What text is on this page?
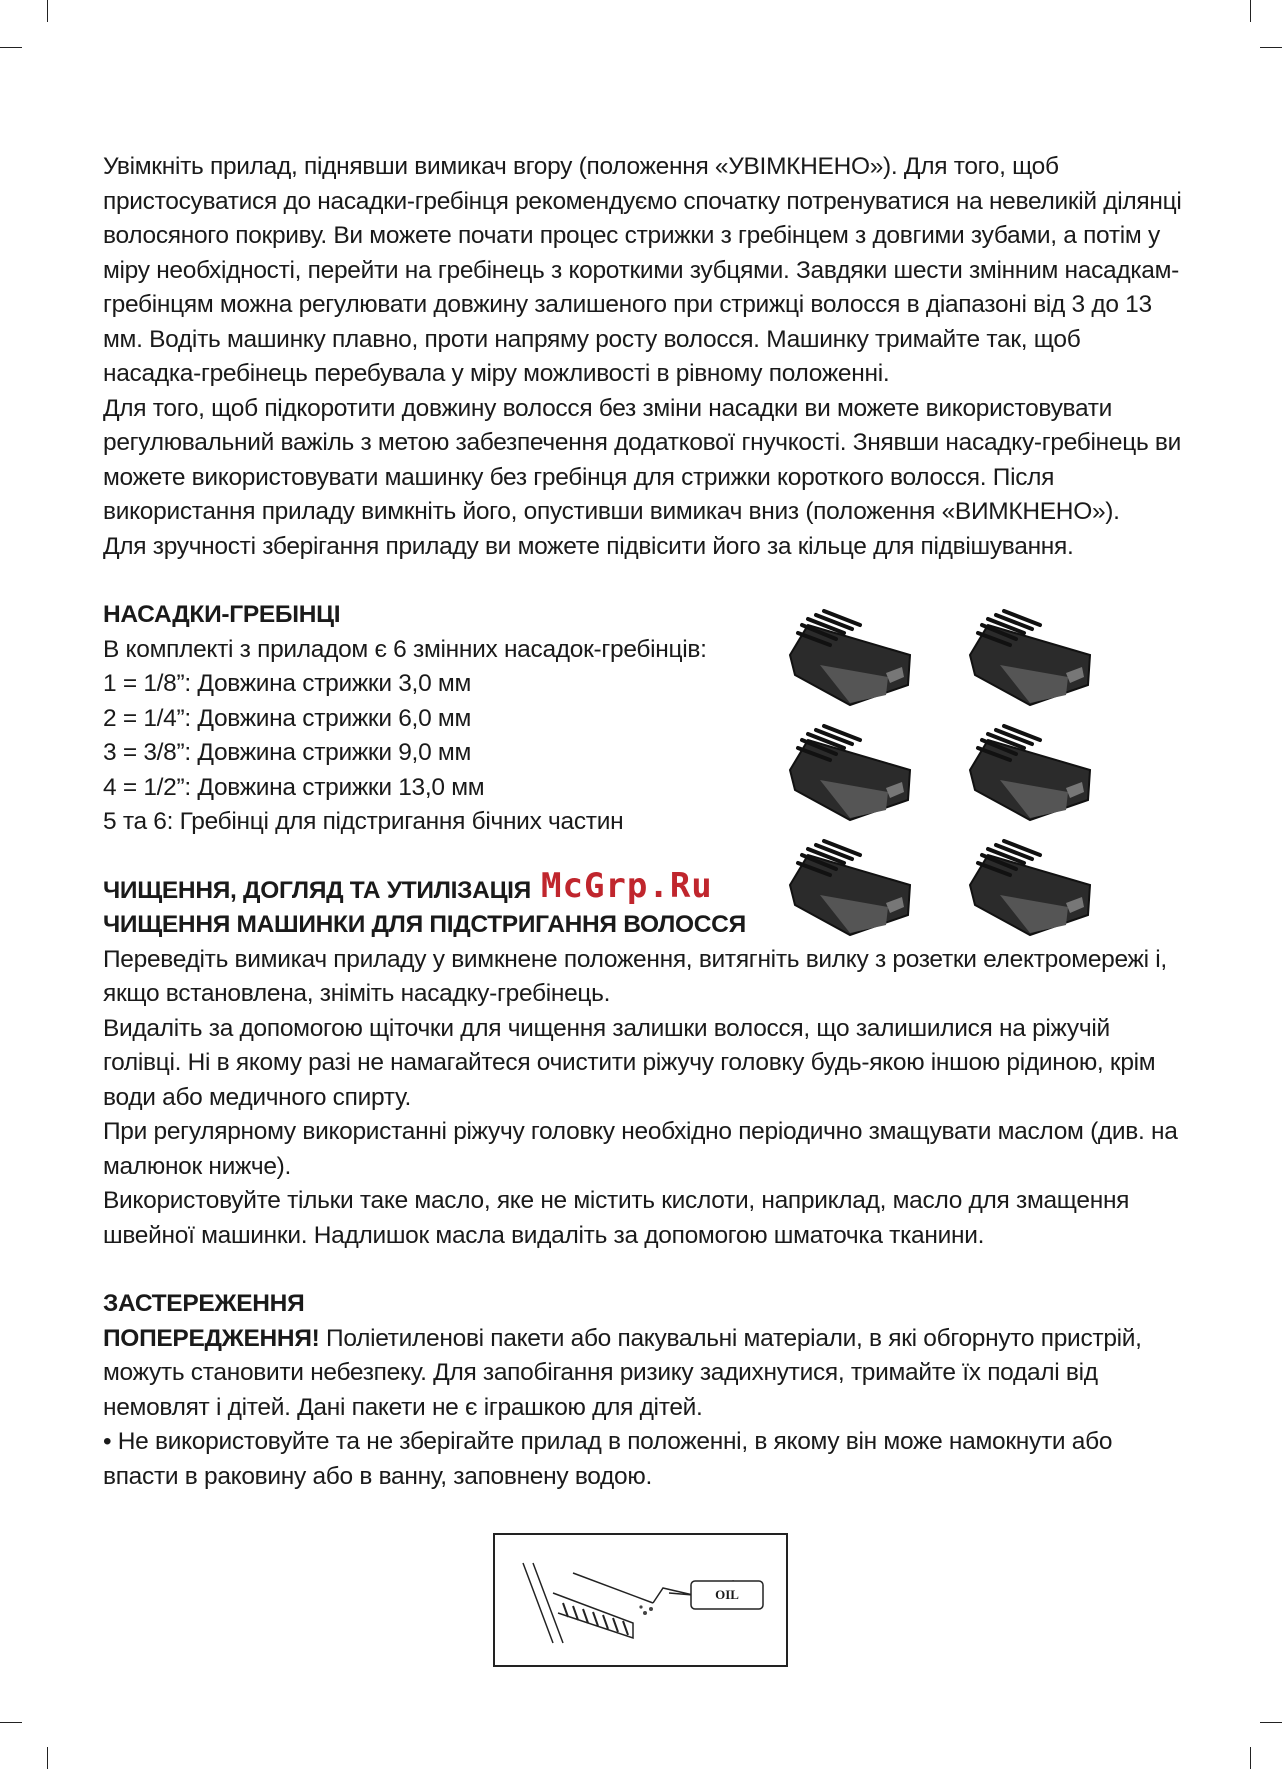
Увімкніть прилад, піднявши вимикач вгору (положення «УВІМКНЕНО»). Для того, щоб пристосуватися до насадки-гребінця рекомендуємо спочатку потренуватися на невеликій ділянці волосяного покриву. Ви можете почати процес стрижки з гребінцем з довгими зубами, а потім у міру необхідності, перейти на гребінець з короткими зубцями. Завдяки шести змінним насадкам-гребінцям можна регулювати довжину залишеного при стрижці волосся в діапазоні від 3 до 13 мм. Водіть машинку плавно, проти напряму росту волосся. Машинку тримайте так, щоб насадка-гребінець перебувала у міру можливості в рівному положенні.

Для того, щоб підкоротити довжину волосся без зміни насадки ви можете використовувати регулювальний важіль з метою забезпечення додаткової гнучкості. Знявши насадку-гребінець ви можете використовувати машинку без гребінця для стрижки короткого волосся. Після використання приладу вимкніть його, опустивши вимикач вниз (положення «ВИМКНЕНО»).

Для зручності зберігання приладу ви можете підвісити його за кільце для підвішування.

НАСАДКИ-ГРЕБІНЦІ

В комплекті з приладом є 6 змінних насадок-гребінців:

1 = 1/8”: Довжина стрижки 3,0 мм

2 = 1/4”: Довжина стрижки 6,0 мм

3 = 3/8”: Довжина стрижки 9,0 мм

4 = 1/2”: Довжина стрижки 13,0 мм

5 та 6: Гребінці для підстригання бічних частин

ЧИЩЕННЯ, ДОГЛЯД ТА УТИЛІЗАЦІЯ
ЧИЩЕННЯ МАШИНКИ ДЛЯ ПІДСТРИГАННЯ ВОЛОССЯ

Переведіть вимикач приладу у вимкнене положення, витягніть вилку з розетки електромережі і, якщо встановлена, зніміть насадку-гребінець.

Видаліть за допомогою щіточки для чищення залишки волосся, що залишилися на ріжучій голівці. Ні в якому разі не намагайтеся очистити ріжучу головку будь-якою іншою рідиною, крім води або медичного спирту.

При регулярному використанні ріжучу головку необхідно періодично змащувати маслом (див. на малюнок нижче).

Використовуйте тільки таке масло, яке не містить кислоти, наприклад, масло для змащення швейної машинки. Надлишок масла видаліть за допомогою шматочка тканини.

ЗАСТЕРЕЖЕННЯ

ПОПЕРЕДЖЕННЯ! Поліетиленові пакети або пакувальні матеріали, в які обгорнуто пристрій, можуть становити небезпеку. Для запобігання ризику задихнутися, тримайте їх подалі від немовлят і дітей. Дані пакети не є іграшкою для дітей.

• Не використовуйте та не зберігайте прилад в положенні, в якому він може намокнути або впасти в раковину або в ванну, заповнену водою.

McGrp.Ru
OIL
